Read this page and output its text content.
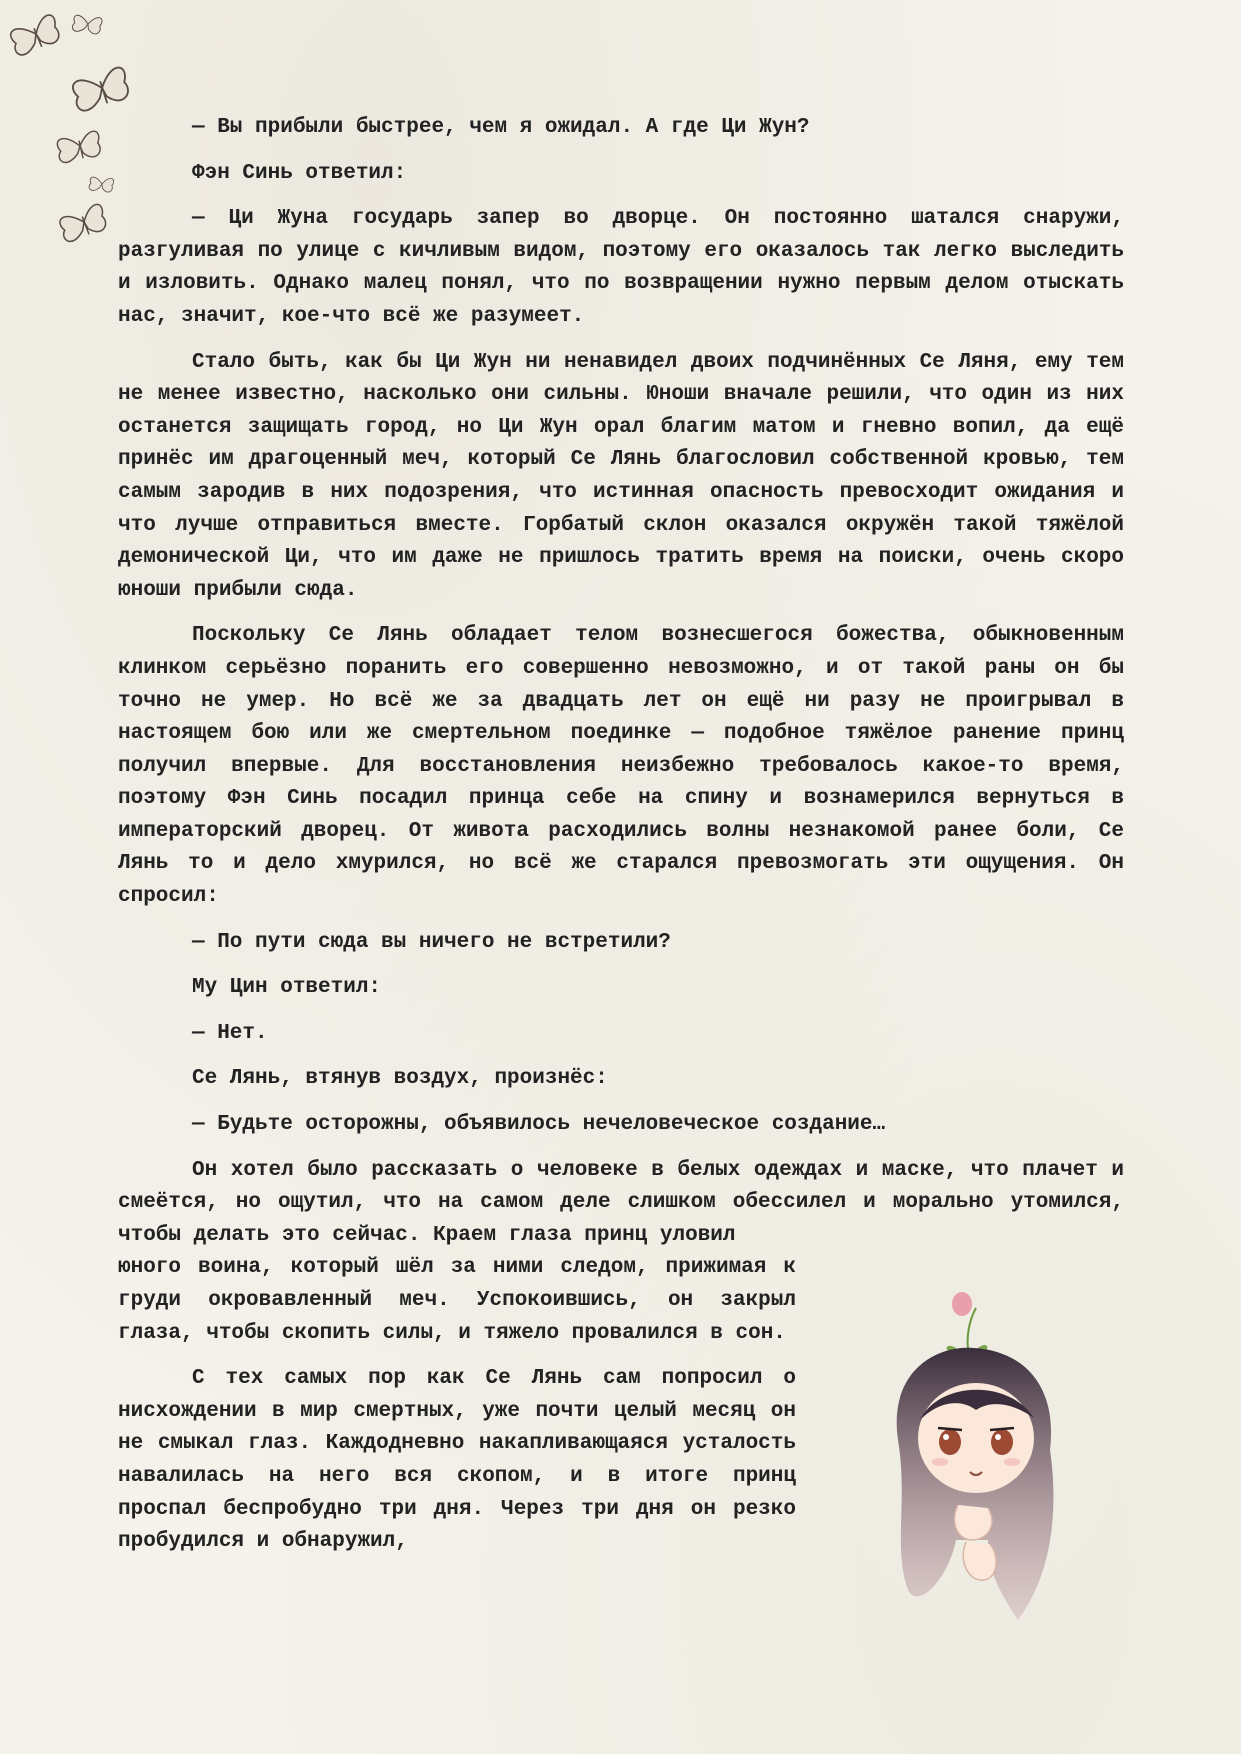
— Вы прибыли быстрее, чем я ожидал. А где Ци Жун?

Фэн Синь ответил:

— Ци Жуна государь запер во дворце. Он постоянно шатался снаружи, разгуливая по улице с кичливым видом, поэтому его оказалось так легко выследить и изловить. Однако малец понял, что по возвращении нужно первым делом отыскать нас, значит, кое-что всё же разумеет.

Стало быть, как бы Ци Жун ни ненавидел двоих подчинённых Се Ляня, ему тем не менее известно, насколько они сильны. Юноши вначале решили, что один из них останется защищать город, но Ци Жун орал благим матом и гневно вопил, да ещё принёс им драгоценный меч, который Се Лянь благословил собственной кровью, тем самым зародив в них подозрения, что истинная опасность превосходит ожидания и что лучше отправиться вместе. Горбатый склон оказался окружён такой тяжёлой демонической Ци, что им даже не пришлось тратить время на поиски, очень скоро юноши прибыли сюда.

Поскольку Се Лянь обладает телом вознесшегося божества, обыкновенным клинком серьёзно поранить его совершенно невозможно, и от такой раны он бы точно не умер. Но всё же за двадцать лет он ещё ни разу не проигрывал в настоящем бою или же смертельном поединке — подобное тяжёлое ранение принц получил впервые. Для восстановления неизбежно требовалось какое-то время, поэтому Фэн Синь посадил принца себе на спину и вознамерился вернуться в императорский дворец. От живота расходились волны незнакомой ранее боли, Се Лянь то и дело хмурился, но всё же старался превозмогать эти ощущения. Он спросил:

— По пути сюда вы ничего не встретили?

Му Цин ответил:

— Нет.

Се Лянь, втянув воздух, произнёс:

— Будьте осторожны, объявилось нечеловеческое создание…

Он хотел было рассказать о человеке в белых одеждах и маске, что плачет и смеётся, но ощутил, что на самом деле слишком обессилел и морально утомился, чтобы делать это сейчас. Краем глаза принц уловил

юного воина, который шёл за ними следом, прижимая к груди окровавленный меч. Успокоившись, он закрыл глаза, чтобы скопить силы, и тяжело провалился в сон.

С тех самых пор как Се Лянь сам попросил о нисхождении в мир смертных, уже почти целый месяц он не смыкал глаз. Каждодневно накапливающаяся усталость навалилась на него вся скопом, и в итоге принц проспал беспробудно три дня. Через три дня он резко пробудился и обнаружил,
